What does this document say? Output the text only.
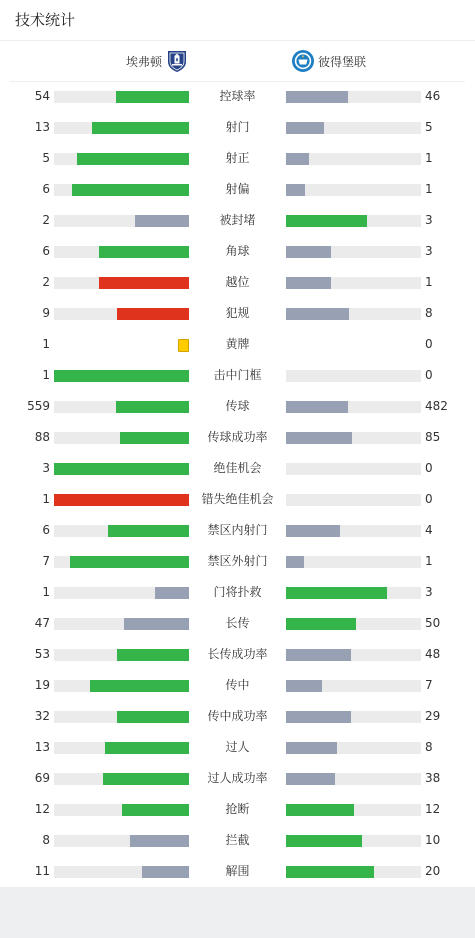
技术统计
埃弗顿	彼得堡联
54	控球率	46
13	射门	5
5	射正	1
6	射偏	1
2	被封堵	3
6	角球	3
2	越位	1
9	犯规	8
1	黄牌	0
1	击中门框	0
559	传球	482
88	传球成功率	85
3	绝佳机会	0
1	错失绝佳机会	0
6	禁区内射门	4
7	禁区外射门	1
1	门将扑救	3
47	长传	50
53	长传成功率	48
19	传中	7
32	传中成功率	29
13	过人	8
69	过人成功率	38
12	抢断	12
8	拦截	10
11	解围	20
